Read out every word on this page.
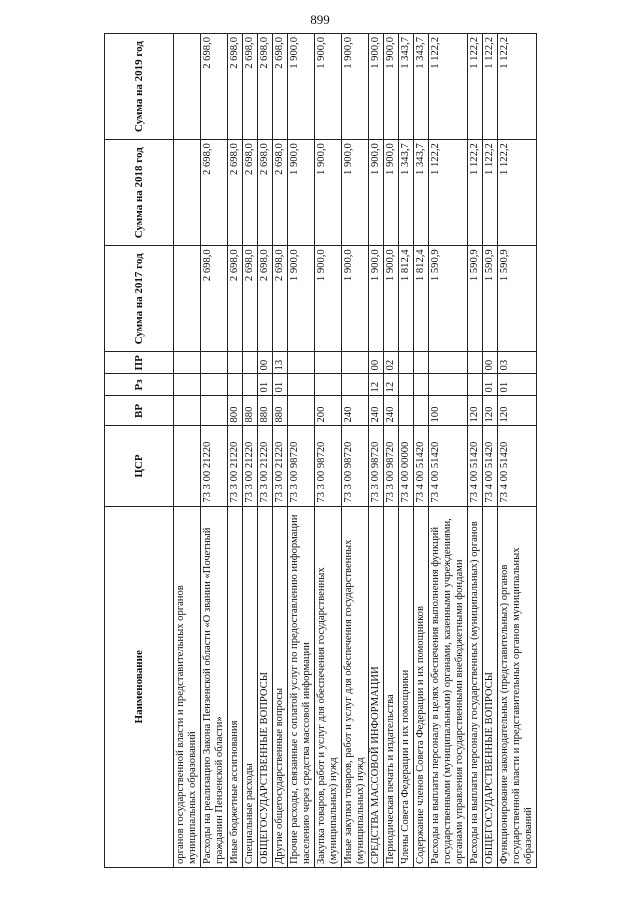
899
Наименование	ЦСР	ВР	Рз	ПР	Сумма на 2017 год	Сумма на 2018 год	Сумма на 2019 год
органов государственной власти и представительных органов муниципальных образований							
Расходы на реализацию Закона Пензенской области «О звании «Почетный гражданин Пензенской области»	73 3 00 21220				2 698,0	2 698,0	2 698,0
Иные бюджетные ассигнования	73 3 00 21220	800			2 698,0	2 698,0	2 698,0
Специальные расходы	73 3 00 21220	880			2 698,0	2 698,0	2 698,0
ОБЩЕГОСУДАРСТВЕННЫЕ ВОПРОСЫ	73 3 00 21220	880	01	00	2 698,0	2 698,0	2 698,0
Другие общегосударственные вопросы	73 3 00 21220	880	01	13	2 698,0	2 698,0	2 698,0
Прочие расходы, связанные с оплатой услуг по предоставлению информации населению через средства массовой информации	73 3 00 98720				1 900,0	1 900,0	1 900,0
Закупка товаров, работ и услуг для обеспечения государственных (муниципальных) нужд	73 3 00 98720	200			1 900,0	1 900,0	1 900,0
Иные закупки товаров, работ и услуг для обеспечения государственных (муниципальных) нужд	73 3 00 98720	240			1 900,0	1 900,0	1 900,0
СРЕДСТВА МАССОВОЙ ИНФОРМАЦИИ	73 3 00 98720	240	12	00	1 900,0	1 900,0	1 900,0
Периодическая печать и издательства	73 3 00 98720	240	12	02	1 900,0	1 900,0	1 900,0
Члены Совета Федерации и их помощники	73 4 00 00000				1 812,4	1 343,7	1 343,7
Содержание членов Совета Федерации и их помощников	73 4 00 51420				1 812,4	1 343,7	1 343,7
Расходы на выплаты персоналу в целях обеспечения выполнения функций государственными (муниципальными) органами, казенными учреждениями, органами управления государственными внебюджетными фондами	73 4 00 51420	100			1 590,9	1 122,2	1 122,2
Расходы на выплаты персоналу государственных (муниципальных) органов	73 4 00 51420	120			1 590,9	1 122,2	1 122,2
ОБЩЕГОСУДАРСТВЕННЫЕ ВОПРОСЫ	73 4 00 51420	120	01	00	1 590,9	1 122,2	1 122,2
Функционирование законодательных (представительных) органов государственной власти и представительных органов муниципальных образований	73 4 00 51420	120	01	03	1 590,9	1 122,2	1 122,2
